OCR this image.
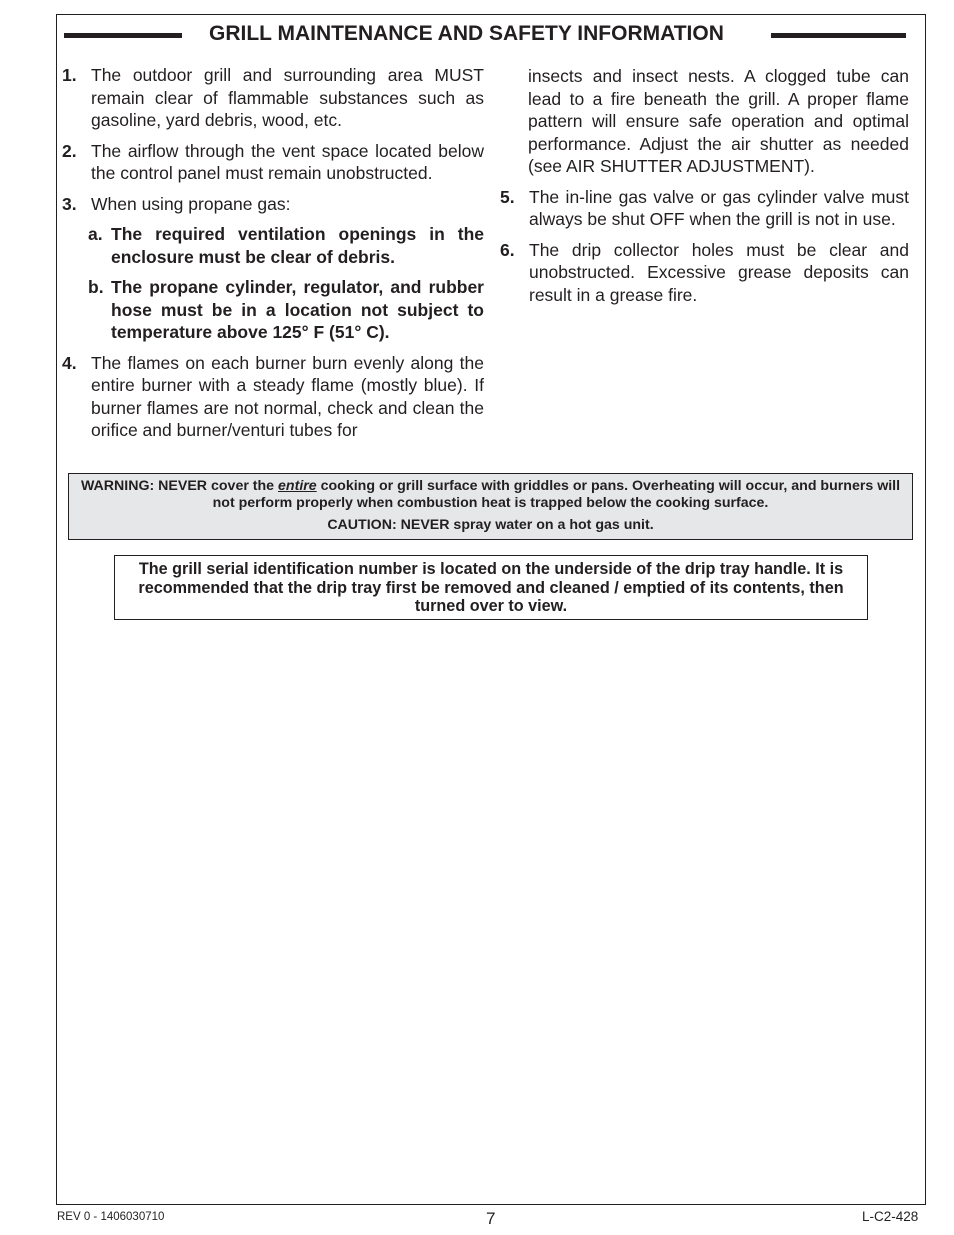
GRILL MAINTENANCE AND SAFETY INFORMATION
1. The outdoor grill and surrounding area MUST remain clear of flammable substances such as gasoline, yard debris, wood, etc.
2. The airflow through the vent space located below the control panel must remain unobstructed.
3. When using propane gas:
a. The required ventilation openings in the enclosure must be clear of debris.
b. The propane cylinder, regulator, and rubber hose must be in a location not subject to temperature above 125° F (51° C).
4. The flames on each burner burn evenly along the entire burner with a steady flame (mostly blue). If burner flames are not normal, check and clean the orifice and burner/venturi tubes for
insects and insect nests. A clogged tube can lead to a fire beneath the grill. A proper flame pattern will ensure safe operation and optimal performance. Adjust the air shutter as needed (see AIR SHUTTER ADJUSTMENT).
5. The in-line gas valve or gas cylinder valve must always be shut OFF when the grill is not in use.
6. The drip collector holes must be clear and unobstructed. Excessive grease deposits can result in a grease fire.
WARNING: NEVER cover the entire cooking or grill surface with griddles or pans. Overheating will occur, and burners will not perform properly when combustion heat is trapped below the cooking surface.
CAUTION: NEVER spray water on a hot gas unit.
The grill serial identification number is located on the underside of the drip tray handle. It is recommended that the drip tray first be removed and cleaned / emptied of its contents, then turned over to view.
REV 0 - 1406030710	7	L-C2-428
